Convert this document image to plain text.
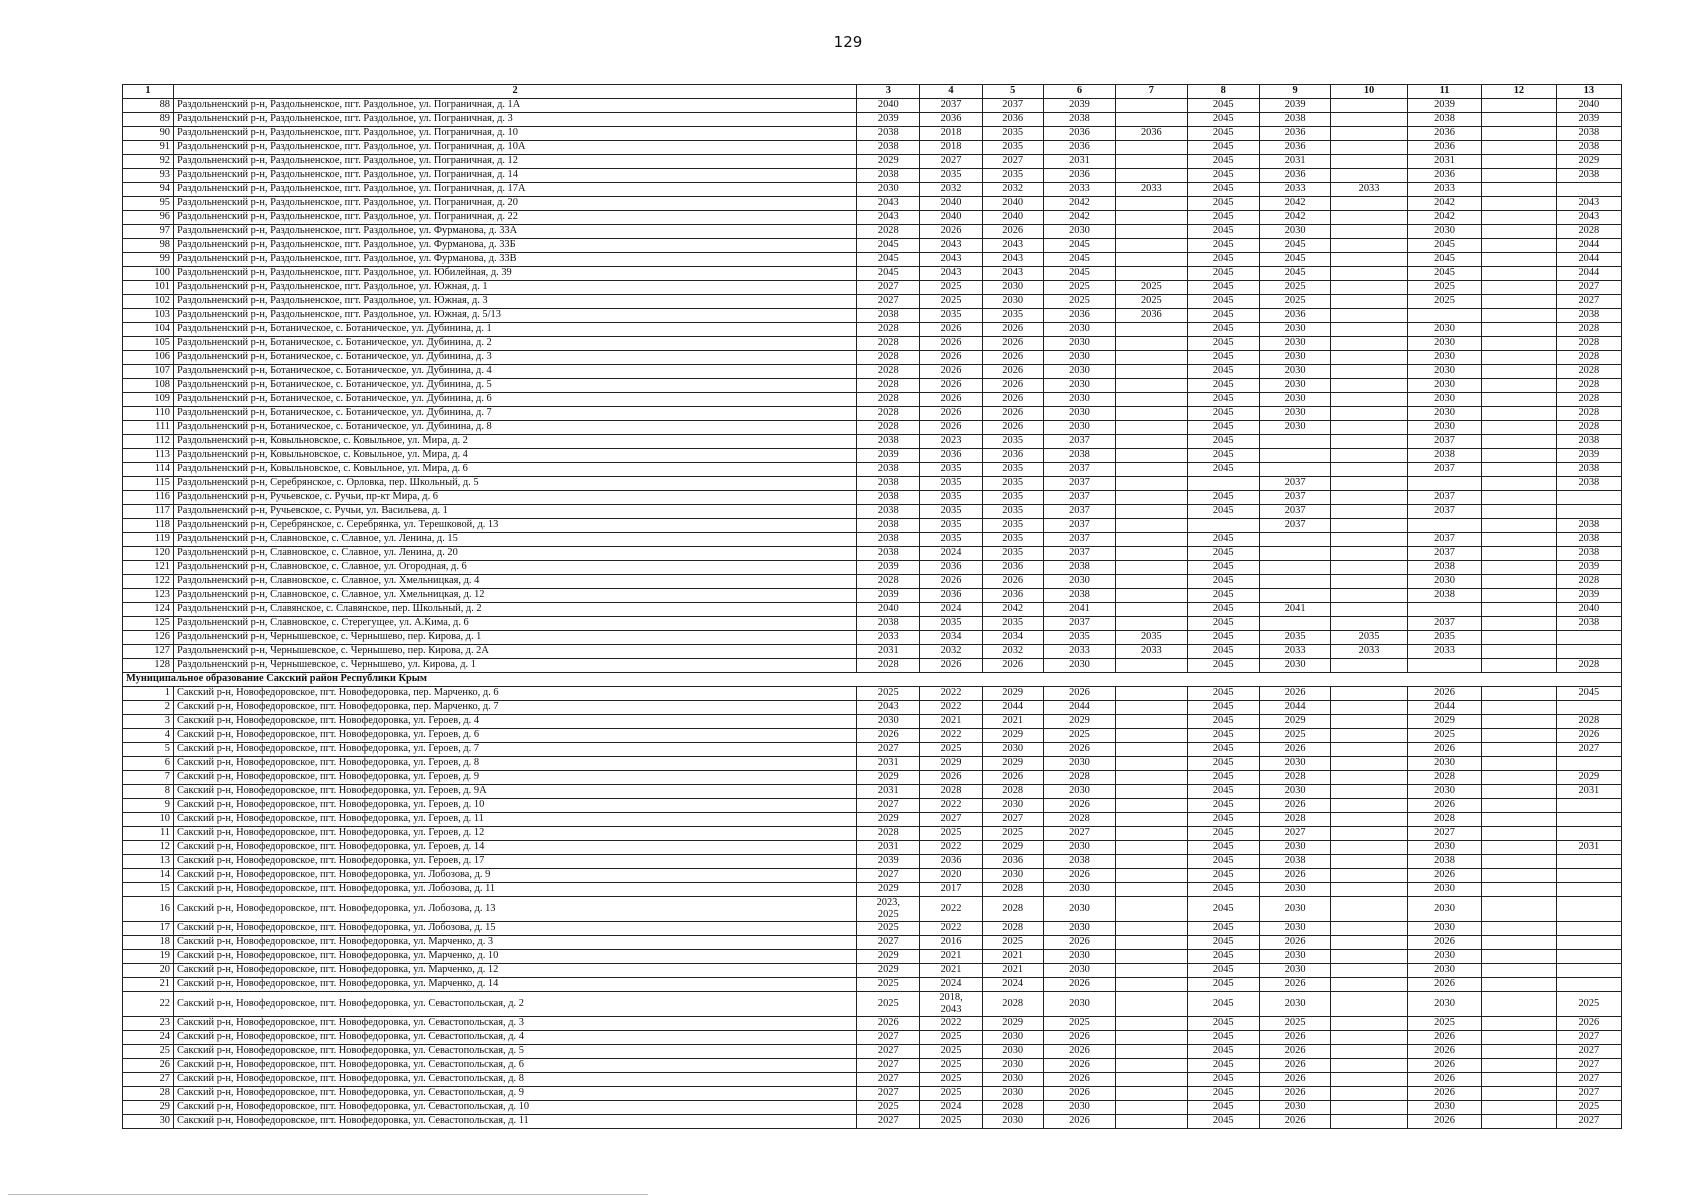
129
1	2	3	4	5	6	7	8	9	10	11	12	13
88	Раздольненский р-н, Раздольненское, пгт. Раздольное, ул. Пограничная, д. 1А	2040	2037	2037	2039		2045	2039		2039		2040
89	Раздольненский р-н, Раздольненское, пгт. Раздольное, ул. Пограничная, д. 3	2039	2036	2036	2038		2045	2038		2038		2039
90	Раздольненский р-н, Раздольненское, пгт. Раздольное, ул. Пограничная, д. 10	2038	2018	2035	2036	2036	2045	2036		2036		2038
91	Раздольненский р-н, Раздольненское, пгт. Раздольное, ул. Пограничная, д. 10А	2038	2018	2035	2036		2045	2036		2036		2038
92	Раздольненский р-н, Раздольненское, пгт. Раздольное, ул. Пограничная, д. 12	2029	2027	2027	2031		2045	2031		2031		2029
93	Раздольненский р-н, Раздольненское, пгт. Раздольное, ул. Пограничная, д. 14	2038	2035	2035	2036		2045	2036		2036		2038
94	Раздольненский р-н, Раздольненское, пгт. Раздольное, ул. Пограничная, д. 17А	2030	2032	2032	2033	2033	2045	2033	2033	2033		
95	Раздольненский р-н, Раздольненское, пгт. Раздольное, ул. Пограничная, д. 20	2043	2040	2040	2042		2045	2042		2042		2043
96	Раздольненский р-н, Раздольненское, пгт. Раздольное, ул. Пограничная, д. 22	2043	2040	2040	2042		2045	2042		2042		2043
97	Раздольненский р-н, Раздольненское, пгт. Раздольное, ул. Фурманова, д. 33А	2028	2026	2026	2030		2045	2030		2030		2028
98	Раздольненский р-н, Раздольненское, пгт. Раздольное, ул. Фурманова, д. 33Б	2045	2043	2043	2045		2045	2045		2045		2044
99	Раздольненский р-н, Раздольненское, пгт. Раздольное, ул. Фурманова, д. 33В	2045	2043	2043	2045		2045	2045		2045		2044
100	Раздольненский р-н, Раздольненское, пгт. Раздольное, ул. Юбилейная, д. 39	2045	2043	2043	2045		2045	2045		2045		2044
101	Раздольненский р-н, Раздольненское, пгт. Раздольное, ул. Южная, д. 1	2027	2025	2030	2025	2025	2045	2025		2025		2027
102	Раздольненский р-н, Раздольненское, пгт. Раздольное, ул. Южная, д. 3	2027	2025	2030	2025	2025	2045	2025		2025		2027
103	Раздольненский р-н, Раздольненское, пгт. Раздольное, ул. Южная, д. 5/13	2038	2035	2035	2036	2036	2045	2036				2038
104	Раздольненский р-н, Ботаническое, с. Ботаническое, ул. Дубинина, д. 1	2028	2026	2026	2030		2045	2030		2030		2028
105	Раздольненский р-н, Ботаническое, с. Ботаническое, ул. Дубинина, д. 2	2028	2026	2026	2030		2045	2030		2030		2028
106	Раздольненский р-н, Ботаническое, с. Ботаническое, ул. Дубинина, д. 3	2028	2026	2026	2030		2045	2030		2030		2028
107	Раздольненский р-н, Ботаническое, с. Ботаническое, ул. Дубинина, д. 4	2028	2026	2026	2030		2045	2030		2030		2028
108	Раздольненский р-н, Ботаническое, с. Ботаническое, ул. Дубинина, д. 5	2028	2026	2026	2030		2045	2030		2030		2028
109	Раздольненский р-н, Ботаническое, с. Ботаническое, ул. Дубинина, д. 6	2028	2026	2026	2030		2045	2030		2030		2028
110	Раздольненский р-н, Ботаническое, с. Ботаническое, ул. Дубинина, д. 7	2028	2026	2026	2030		2045	2030		2030		2028
111	Раздольненский р-н, Ботаническое, с. Ботаническое, ул. Дубинина, д. 8	2028	2026	2026	2030		2045	2030		2030		2028
112	Раздольненский р-н, Ковыльновское, с. Ковыльное, ул. Мира, д. 2	2038	2023	2035	2037		2045			2037		2038
113	Раздольненский р-н, Ковыльновское, с. Ковыльное, ул. Мира, д. 4	2039	2036	2036	2038		2045			2038		2039
114	Раздольненский р-н, Ковыльновское, с. Ковыльное, ул. Мира, д. 6	2038	2035	2035	2037		2045			2037		2038
115	Раздольненский р-н, Серебрянское, с. Орловка, пер. Школьный, д. 5	2038	2035	2035	2037			2037				2038
116	Раздольненский р-н, Ручьевское, с. Ручьи, пр-кт Мира, д. 6	2038	2035	2035	2037		2045	2037		2037		
117	Раздольненский р-н, Ручьевское, с. Ручьи, ул. Васильева, д. 1	2038	2035	2035	2037		2045	2037		2037		
118	Раздольненский р-н, Серебрянское, с. Серебрянка, ул. Терешковой, д. 13	2038	2035	2035	2037			2037				2038
119	Раздольненский р-н, Славновское, с. Славное, ул. Ленина, д. 15	2038	2035	2035	2037		2045			2037		2038
120	Раздольненский р-н, Славновское, с. Славное, ул. Ленина, д. 20	2038	2024	2035	2037		2045			2037		2038
121	Раздольненский р-н, Славновское, с. Славное, ул. Огородная, д. 6	2039	2036	2036	2038		2045			2038		2039
122	Раздольненский р-н, Славновское, с. Славное, ул. Хмельницкая, д. 4	2028	2026	2026	2030		2045			2030		2028
123	Раздольненский р-н, Славновское, с. Славное, ул. Хмельницкая, д. 12	2039	2036	2036	2038		2045			2038		2039
124	Раздольненский р-н, Славянское, с. Славянское, пер. Школьный, д. 2	2040	2024	2042	2041		2045	2041				2040
125	Раздольненский р-н, Славновское, с. Стерегущее, ул. А.Кима, д. 6	2038	2035	2035	2037		2045			2037		2038
126	Раздольненский р-н, Чернышевское, с. Чернышево, пер. Кирова, д. 1	2033	2034	2034	2035	2035	2045	2035	2035	2035		
127	Раздольненский р-н, Чернышевское, с. Чернышево, пер. Кирова, д. 2А	2031	2032	2032	2033	2033	2045	2033	2033	2033		
128	Раздольненский р-н, Чернышевское, с. Чернышево, ул. Кирова, д. 1	2028	2026	2026	2030		2045	2030				2028
Муниципальное образование Сакский район Республики Крым												
1	Сакский р-н, Новофедоровское, пгт. Новофедоровка, пер. Марченко, д. 6	2025	2022	2029	2026		2045	2026		2026		2045
2	Сакский р-н, Новофедоровское, пгт. Новофедоровка, пер. Марченко, д. 7	2043	2022	2044	2044		2045	2044		2044		
3	Сакский р-н, Новофедоровское, пгт. Новофедоровка, ул. Героев, д. 4	2030	2021	2021	2029		2045	2029		2029		2028
4	Сакский р-н, Новофедоровское, пгт. Новофедоровка, ул. Героев, д. 6	2026	2022	2029	2025		2045	2025		2025		2026
5	Сакский р-н, Новофедоровское, пгт. Новофедоровка, ул. Героев, д. 7	2027	2025	2030	2026		2045	2026		2026		2027
6	Сакский р-н, Новофедоровское, пгт. Новофедоровка, ул. Героев, д. 8	2031	2029	2029	2030		2045	2030		2030		
7	Сакский р-н, Новофедоровское, пгт. Новофедоровка, ул. Героев, д. 9	2029	2026	2026	2028		2045	2028		2028		2029
8	Сакский р-н, Новофедоровское, пгт. Новофедоровка, ул. Героев, д. 9А	2031	2028	2028	2030		2045	2030		2030		2031
9	Сакский р-н, Новофедоровское, пгт. Новофедоровка, ул. Героев, д. 10	2027	2022	2030	2026		2045	2026		2026		
10	Сакский р-н, Новофедоровское, пгт. Новофедоровка, ул. Героев, д. 11	2029	2027	2027	2028		2045	2028		2028		
11	Сакский р-н, Новофедоровское, пгт. Новофедоровка, ул. Героев, д. 12	2028	2025	2025	2027		2045	2027		2027		
12	Сакский р-н, Новофедоровское, пгт. Новофедоровка, ул. Героев, д. 14	2031	2022	2029	2030		2045	2030		2030		2031
13	Сакский р-н, Новофедоровское, пгт. Новофедоровка, ул. Героев, д. 17	2039	2036	2036	2038		2045	2038		2038		
14	Сакский р-н, Новофедоровское, пгт. Новофедоровка, ул. Лобозова, д. 9	2027	2020	2030	2026		2045	2026		2026		
15	Сакский р-н, Новофедоровское, пгт. Новофедоровка, ул. Лобозова, д. 11	2029	2017	2028	2030		2045	2030		2030		
16	Сакский р-н, Новофедоровское, пгт. Новофедоровка, ул. Лобозова, д. 13	2023,
2025	2022	2028	2030		2045	2030		2030		
17	Сакский р-н, Новофедоровское, пгт. Новофедоровка, ул. Лобозова, д. 15	2025	2022	2028	2030		2045	2030		2030		
18	Сакский р-н, Новофедоровское, пгт. Новофедоровка, ул. Марченко, д. 3	2027	2016	2025	2026		2045	2026		2026		
19	Сакский р-н, Новофедоровское, пгт. Новофедоровка, ул. Марченко, д. 10	2029	2021	2021	2030		2045	2030		2030		
20	Сакский р-н, Новофедоровское, пгт. Новофедоровка, ул. Марченко, д. 12	2029	2021	2021	2030		2045	2030		2030		
21	Сакский р-н, Новофедоровское, пгт. Новофедоровка, ул. Марченко, д. 14	2025	2024	2024	2026		2045	2026		2026		
22	Сакский р-н, Новофедоровское, пгт. Новофедоровка, ул. Севастопольская, д. 2	2025	2018,
2043	2028	2030		2045	2030		2030		2025
23	Сакский р-н, Новофедоровское, пгт. Новофедоровка, ул. Севастопольская, д. 3	2026	2022	2029	2025		2045	2025		2025		2026
24	Сакский р-н, Новофедоровское, пгт. Новофедоровка, ул. Севастопольская, д. 4	2027	2025	2030	2026		2045	2026		2026		2027
25	Сакский р-н, Новофедоровское, пгт. Новофедоровка, ул. Севастопольская, д. 5	2027	2025	2030	2026		2045	2026		2026		2027
26	Сакский р-н, Новофедоровское, пгт. Новофедоровка, ул. Севастопольская, д. 6	2027	2025	2030	2026		2045	2026		2026		2027
27	Сакский р-н, Новофедоровское, пгт. Новофедоровка, ул. Севастопольская, д. 8	2027	2025	2030	2026		2045	2026		2026		2027
28	Сакский р-н, Новофедоровское, пгт. Новофедоровка, ул. Севастопольская, д. 9	2027	2025	2030	2026		2045	2026		2026		2027
29	Сакский р-н, Новофедоровское, пгт. Новофедоровка, ул. Севастопольская, д. 10	2025	2024	2028	2030		2045	2030		2030		2025
30	Сакский р-н, Новофедоровское, пгт. Новофедоровка, ул. Севастопольская, д. 11	2027	2025	2030	2026		2045	2026		2026		2027
